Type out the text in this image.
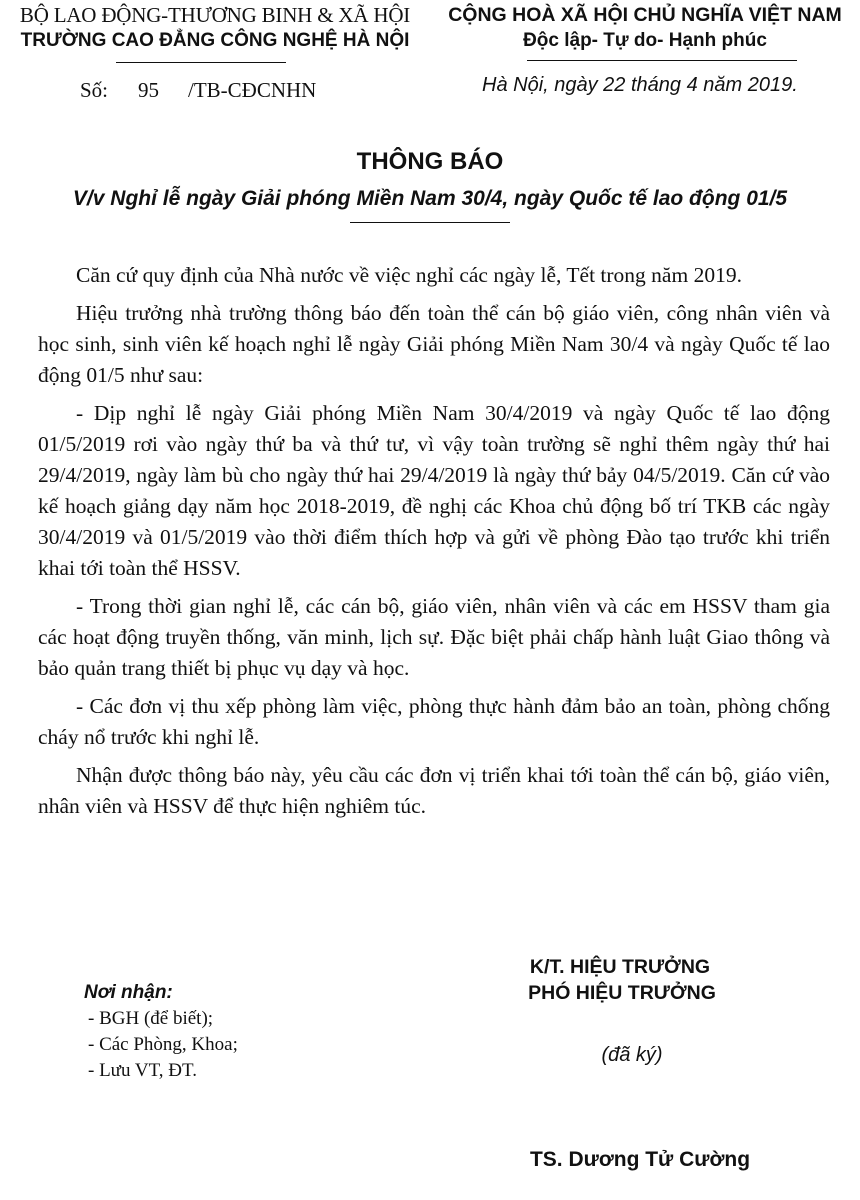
BỘ LAO ĐỘNG-THƯƠNG BINH & XÃ HỘI
TRƯỜNG CAO ĐẲNG CÔNG NGHỆ HÀ NỘI
CỘNG HOÀ XÃ HỘI CHỦ NGHĨA VIỆT NAM
Độc lập- Tự do- Hạnh phúc
Số: 95 /TB-CĐCNHN	Hà Nội, ngày 22 tháng 4 năm 2019.
THÔNG BÁO
V/v Nghỉ lễ ngày Giải phóng Miền Nam 30/4, ngày Quốc tế lao động 01/5

Căn cứ quy định của Nhà nước về việc nghỉ các ngày lễ, Tết trong năm 2019.

Hiệu trưởng nhà trường thông báo đến toàn thể cán bộ giáo viên, công nhân viên và học sinh, sinh viên kế hoạch nghỉ lễ ngày Giải phóng Miền Nam 30/4 và ngày Quốc tế lao động 01/5 như sau:

- Dịp nghỉ lễ ngày Giải phóng Miền Nam 30/4/2019 và ngày Quốc tế lao động 01/5/2019 rơi vào ngày thứ ba và thứ tư, vì vậy toàn trường sẽ nghỉ thêm ngày thứ hai 29/4/2019, ngày làm bù cho ngày thứ hai 29/4/2019 là ngày thứ bảy 04/5/2019. Căn cứ vào kế hoạch giảng dạy năm học 2018-2019, đề nghị các Khoa chủ động bố trí TKB các ngày 30/4/2019 và 01/5/2019 vào thời điểm thích hợp và gửi về phòng Đào tạo trước khi triển khai tới toàn thể HSSV.

- Trong thời gian nghỉ lễ, các cán bộ, giáo viên, nhân viên và các em HSSV tham gia các hoạt động truyền thống, văn minh, lịch sự. Đặc biệt phải chấp hành luật Giao thông và bảo quản trang thiết bị phục vụ dạy và học.

- Các đơn vị thu xếp phòng làm việc, phòng thực hành đảm bảo an toàn, phòng chống cháy nổ trước khi nghỉ lễ.

Nhận được thông báo này, yêu cầu các đơn vị triển khai tới toàn thể cán bộ, giáo viên, nhân viên và HSSV để thực hiện nghiêm túc.

Nơi nhận:
- BGH (để biết);
- Các Phòng, Khoa;
- Lưu VT, ĐT.
K/T. HIỆU TRƯỞNG
PHÓ HIỆU TRƯỞNG
(đã ký)
TS. Dương Tử Cường
